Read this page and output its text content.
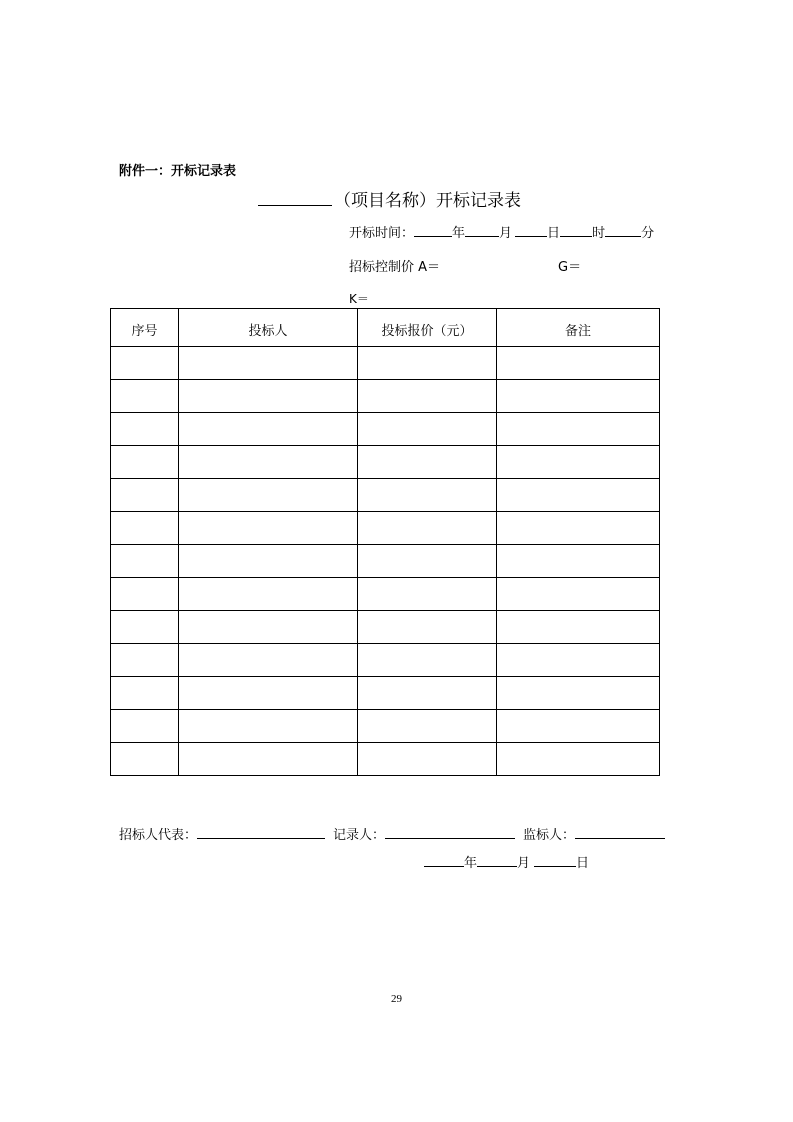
附件一：开标记录表
（项目名称）开标记录表
开标时间：	年	月	日 时	分
招标控制价 A＝	G＝
K＝
序号	投标人	投标报价（元）	备注

招标人代表：	记录人：	监标人：
年	月	日
29
